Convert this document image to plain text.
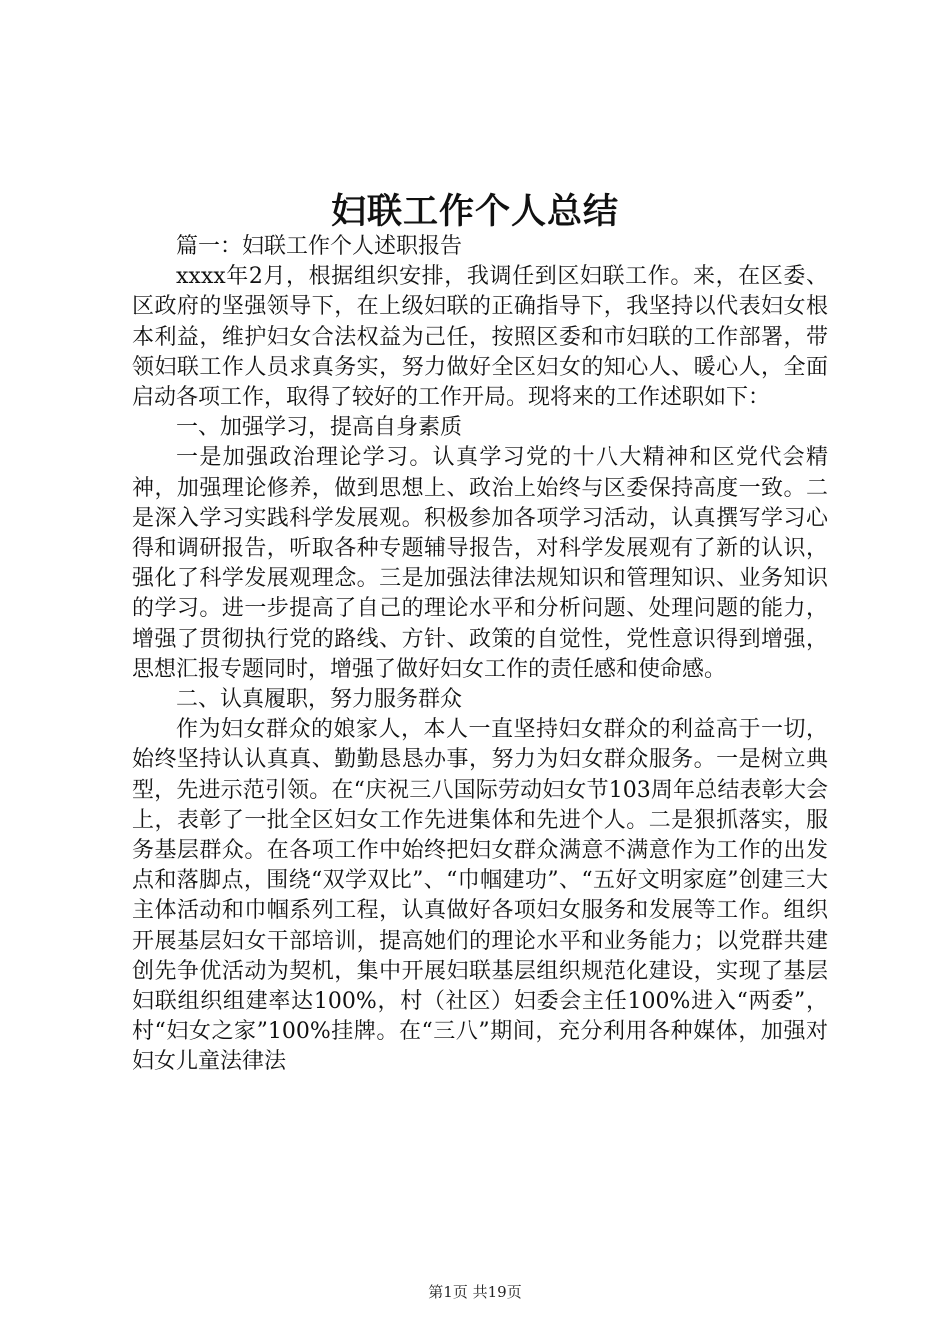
妇联工作个人总结

篇一：妇联工作个人述职报告

xxxx年2月，根据组织安排，我调任到区妇联工作。来，在区委、区政府的坚强领导下，在上级妇联的正确指导下，我坚持以代表妇女根本利益，维护妇女合法权益为己任，按照区委和市妇联的工作部署，带领妇联工作人员求真务实，努力做好全区妇女的知心人、暖心人，全面启动各项工作，取得了较好的工作开局。现将来的工作述职如下：

一、加强学习，提高自身素质

一是加强政治理论学习。认真学习党的十八大精神和区党代会精神，加强理论修养，做到思想上、政治上始终与区委保持高度一致。二是深入学习实践科学发展观。积极参加各项学习活动，认真撰写学习心得和调研报告，听取各种专题辅导报告，对科学发展观有了新的认识，强化了科学发展观理念。三是加强法律法规知识和管理知识、业务知识的学习。进一步提高了自己的理论水平和分析问题、处理问题的能力，增强了贯彻执行党的路线、方针、政策的自觉性，党性意识得到增强，思想汇报专题同时，增强了做好妇女工作的责任感和使命感。

二、认真履职，努力服务群众

作为妇女群众的娘家人，本人一直坚持妇女群众的利益高于一切，始终坚持认认真真、勤勤恳恳办事，努力为妇女群众服务。一是树立典型，先进示范引领。在“庆祝三八国际劳动妇女节103周年总结表彰大会上，表彰了一批全区妇女工作先进集体和先进个人。二是狠抓落实，服务基层群众。在各项工作中始终把妇女群众满意不满意作为工作的出发点和落脚点，围绕“双学双比”、“巾帼建功”、“五好文明家庭”创建三大主体活动和巾帼系列工程，认真做好各项妇女服务和发展等工作。组织开展基层妇女干部培训，提高她们的理论水平和业务能力；以党群共建创先争优活动为契机，集中开展妇联基层组织规范化建设，实现了基层妇联组织组建率达100%，村（社区）妇委会主任100%进入“两委”，村“妇女之家”100%挂牌。在“三八”期间，充分利用各种媒体，加强对妇女儿童法律法

第1页 共19页
